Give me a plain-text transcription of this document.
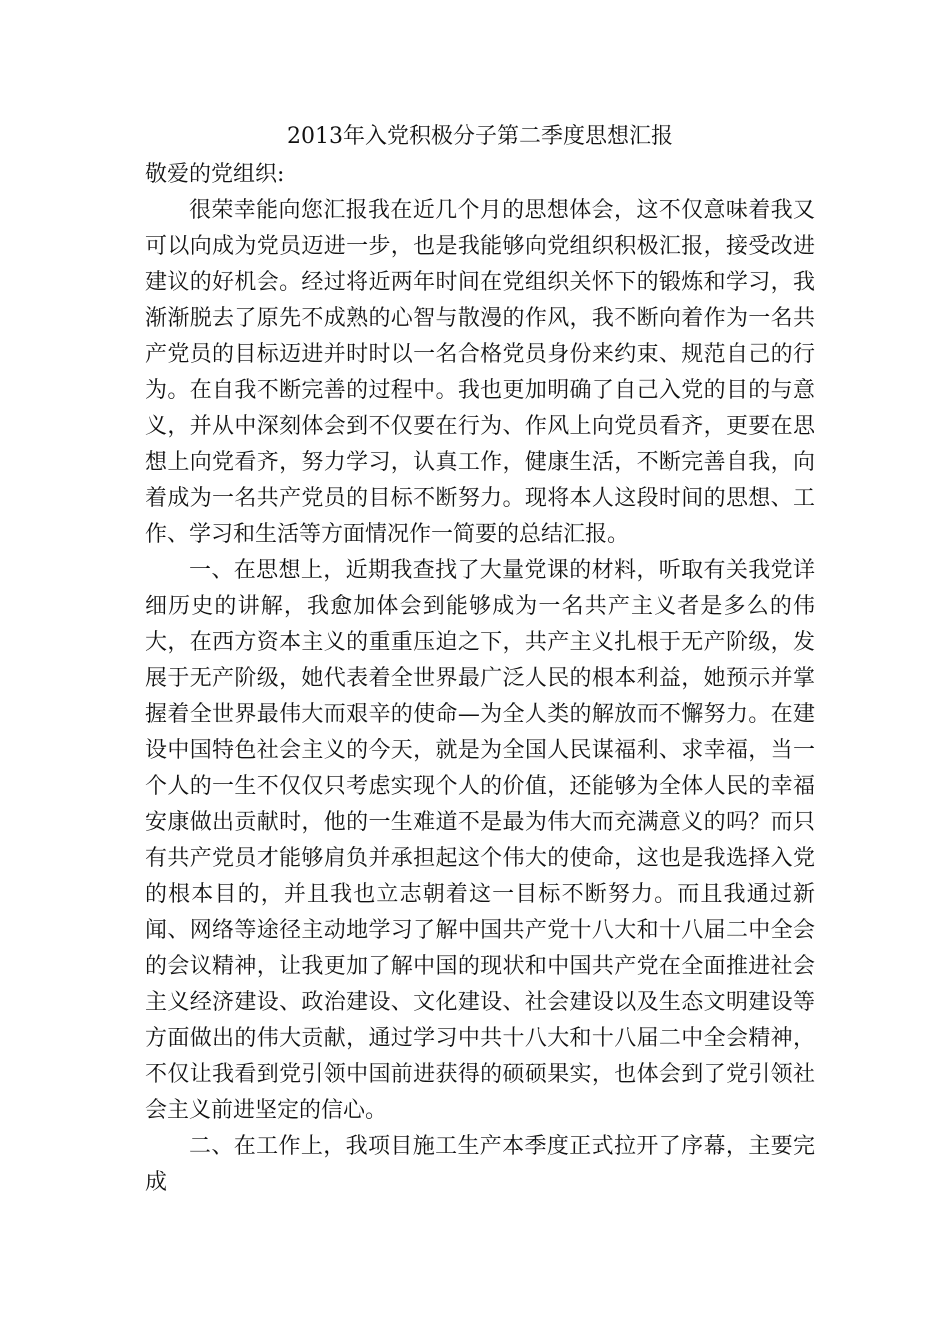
2013年入党积极分子第二季度思想汇报

敬爱的党组织:

很荣幸能向您汇报我在近几个月的思想体会，这不仅意味着我又可以向成为党员迈进一步，也是我能够向党组织积极汇报，接受改进建议的好机会。经过将近两年时间在党组织关怀下的锻炼和学习，我渐渐脱去了原先不成熟的心智与散漫的作风，我不断向着作为一名共产党员的目标迈进并时时以一名合格党员身份来约束、规范自己的行为。在自我不断完善的过程中。我也更加明确了自己入党的目的与意义，并从中深刻体会到不仅要在行为、作风上向党员看齐，更要在思想上向党看齐，努力学习，认真工作，健康生活，不断完善自我，向着成为一名共产党员的目标不断努力。现将本人这段时间的思想、工作、学习和生活等方面情况作一简要的总结汇报。

一、在思想上，近期我查找了大量党课的材料，听取有关我党详细历史的讲解，我愈加体会到能够成为一名共产主义者是多么的伟大，在西方资本主义的重重压迫之下，共产主义扎根于无产阶级，发展于无产阶级，她代表着全世界最广泛人民的根本利益，她预示并掌握着全世界最伟大而艰辛的使命—为全人类的解放而不懈努力。在建设中国特色社会主义的今天，就是为全国人民谋福利、求幸福，当一个人的一生不仅仅只考虑实现个人的价值，还能够为全体人民的幸福安康做出贡献时，他的一生难道不是最为伟大而充满意义的吗？而只有共产党员才能够肩负并承担起这个伟大的使命，这也是我选择入党的根本目的，并且我也立志朝着这一目标不断努力。而且我通过新闻、网络等途径主动地学习了解中国共产党十八大和十八届二中全会的会议精神，让我更加了解中国的现状和中国共产党在全面推进社会主义经济建设、政治建设、文化建设、社会建设以及生态文明建设等方面做出的伟大贡献，通过学习中共十八大和十八届二中全会精神，不仅让我看到党引领中国前进获得的硕硕果实，也体会到了党引领社会主义前进坚定的信心。

二、在工作上，我项目施工生产本季度正式拉开了序幕，主要完成
